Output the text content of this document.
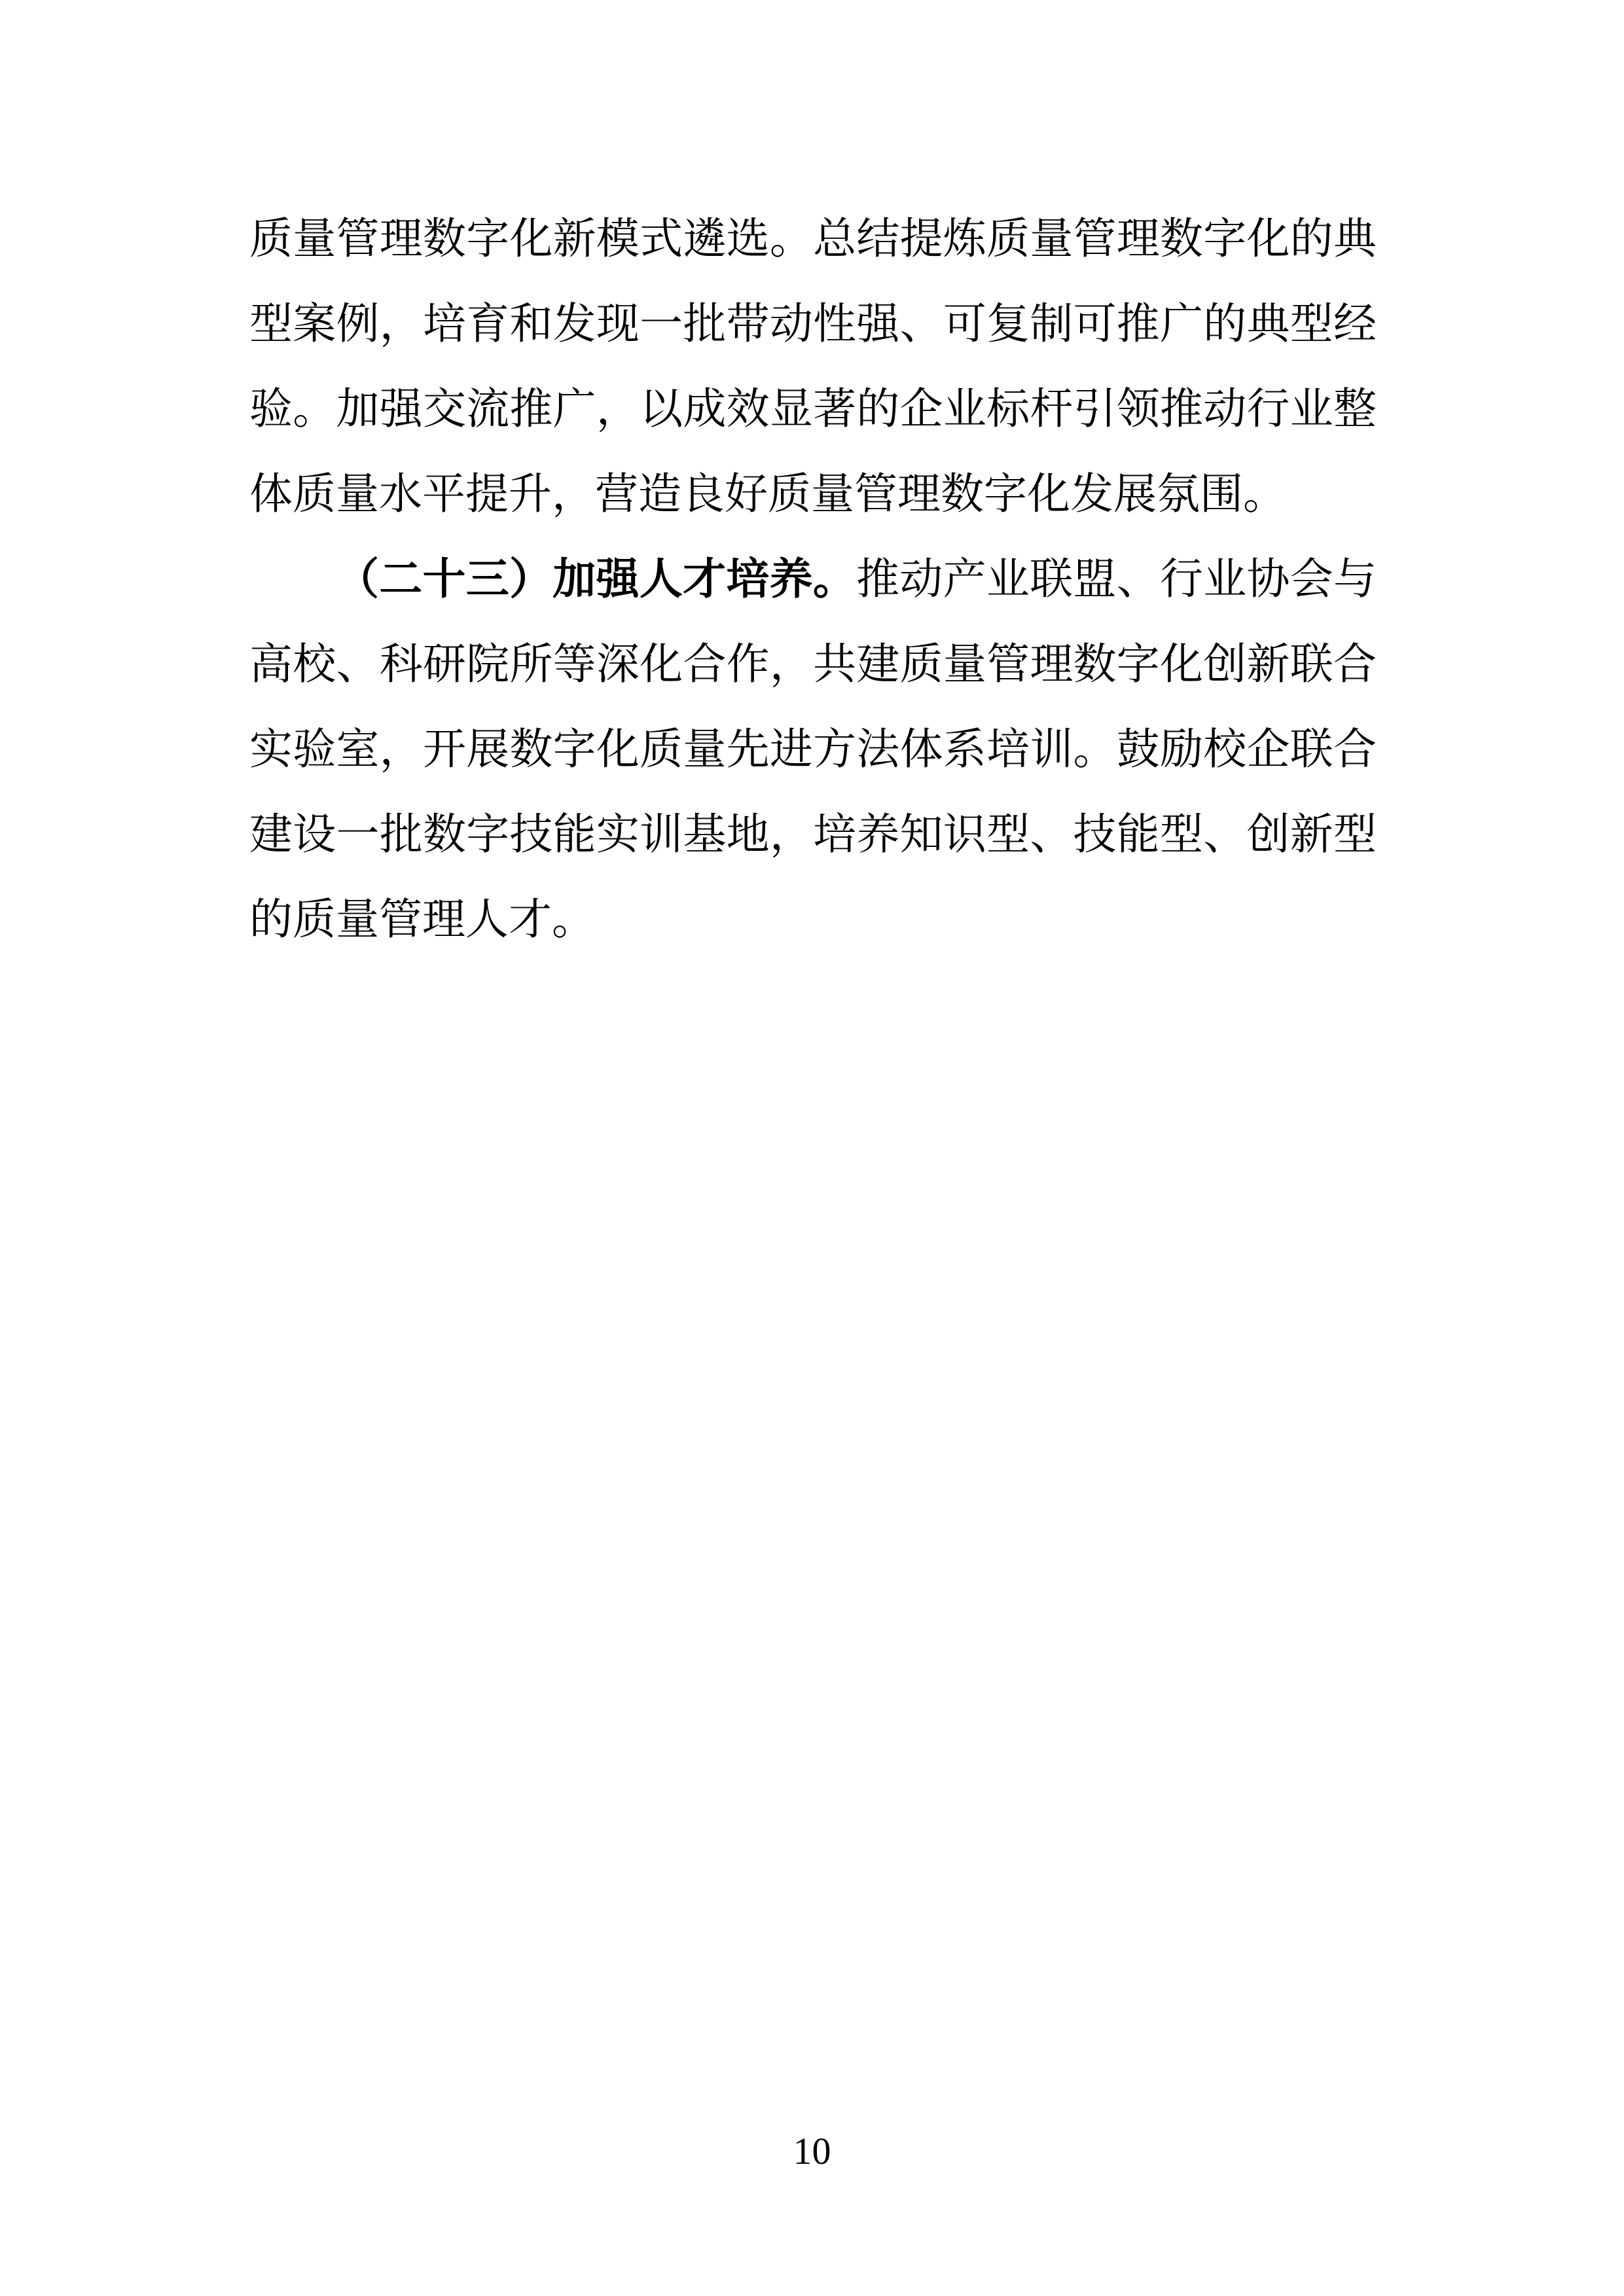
质量管理数字化新模式遴选。总结提炼质量管理数字化的典
型案例，培育和发现一批带动性强、可复制可推广的典型经
验。加强交流推广，以成效显著的企业标杆引领推动行业整
体质量水平提升，营造良好质量管理数字化发展氛围。
（二十三）加强人才培养。推动产业联盟、行业协会与
高校、科研院所等深化合作，共建质量管理数字化创新联合
实验室，开展数字化质量先进方法体系培训。鼓励校企联合
建设一批数字技能实训基地，培养知识型、技能型、创新型
的质量管理人才。
10
